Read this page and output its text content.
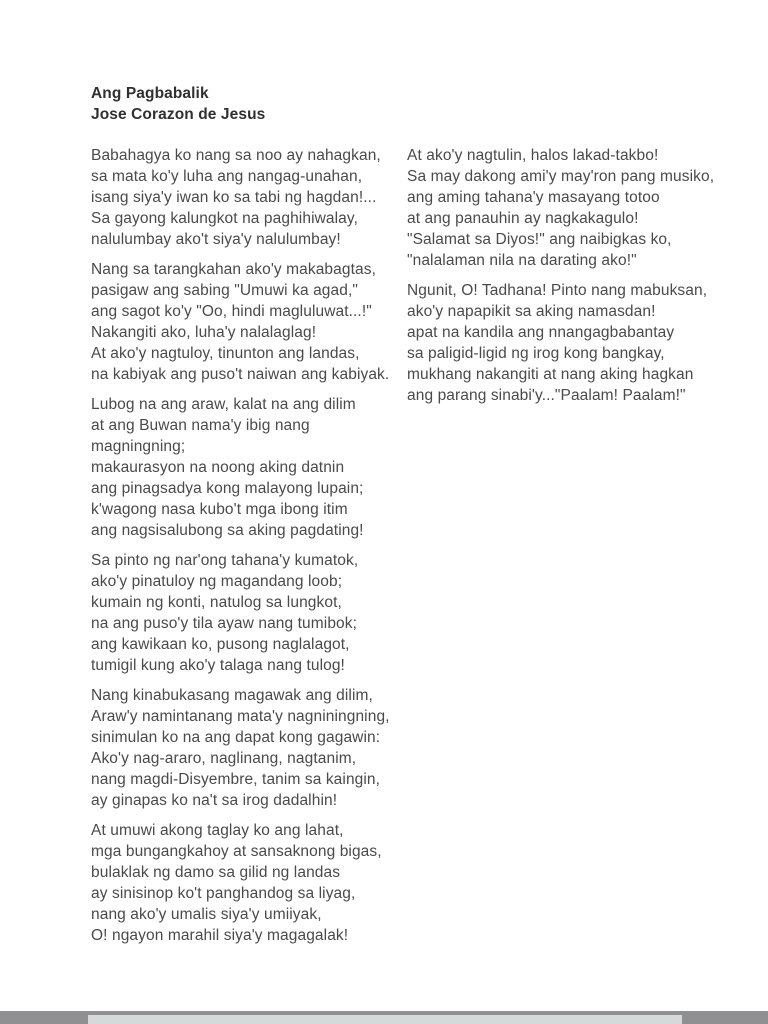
Ang Pagbabalik
Jose Corazon de Jesus
Babahagya ko nang sa noo ay nahagkan,
sa mata ko'y luha ang nangag-unahan,
isang siya'y iwan ko sa tabi ng hagdan!...
Sa gayong kalungkot na paghihiwalay,
nalulumbay ako't siya'y nalulumbay!
Nang sa tarangkahan ako'y makabagtas,
pasigaw ang sabing "Umuwi ka agad,"
ang sagot ko'y "Oo, hindi magluluwat...!"
Nakangiti ako, luha'y nalalaglag!
At ako'y nagtuloy, tinunton ang landas,
na kabiyak ang puso't naiwan ang kabiyak.
Lubog na ang araw, kalat na ang dilim
at ang Buwan nama'y ibig nang
magningning;
makaurasyon na noong aking datnin
ang pinagsadya kong malayong lupain;
k'wagong nasa kubo't mga ibong itim
ang nagsisalubong sa aking pagdating!
Sa pinto ng nar'ong tahana'y kumatok,
ako'y pinatuloy ng magandang loob;
kumain ng konti, natulog sa lungkot,
na ang puso'y tila ayaw nang tumibok;
ang kawikaan ko, pusong naglalagot,
tumigil kung ako'y talaga nang tulog!
Nang kinabukasang magawak ang dilim,
Araw'y namintanang mata'y nagniningning,
sinimulan ko na ang dapat kong gagawin:
Ako'y nag-araro, naglinang, nagtanim,
nang magdi-Disyembre, tanim sa kaingin,
ay ginapas ko na't sa irog dadalhin!
At umuwi akong taglay ko ang lahat,
mga bungangkahoy at sansaknong bigas,
bulaklak ng damo sa gilid ng landas
ay sinisinop ko't panghandog sa liyag,
nang ako'y umalis siya'y umiiyak,
O! ngayon marahil siya'y magagalak!
At ako'y nagtulin, halos lakad-takbo!
Sa may dakong ami'y may'ron pang musiko,
ang aming tahana'y masayang totoo
at ang panauhin ay nagkakagulo!
"Salamat sa Diyos!" ang naibigkas ko,
"nalalaman nila na darating ako!"
Ngunit, O! Tadhana! Pinto nang mabuksan,
ako'y napapikit sa aking namasdan!
apat na kandila ang nnangagbabantay
sa paligid-ligid ng irog kong bangkay,
mukhang nakangiti at nang aking hagkan
ang parang sinabi'y..."Paalam! Paalam!"
